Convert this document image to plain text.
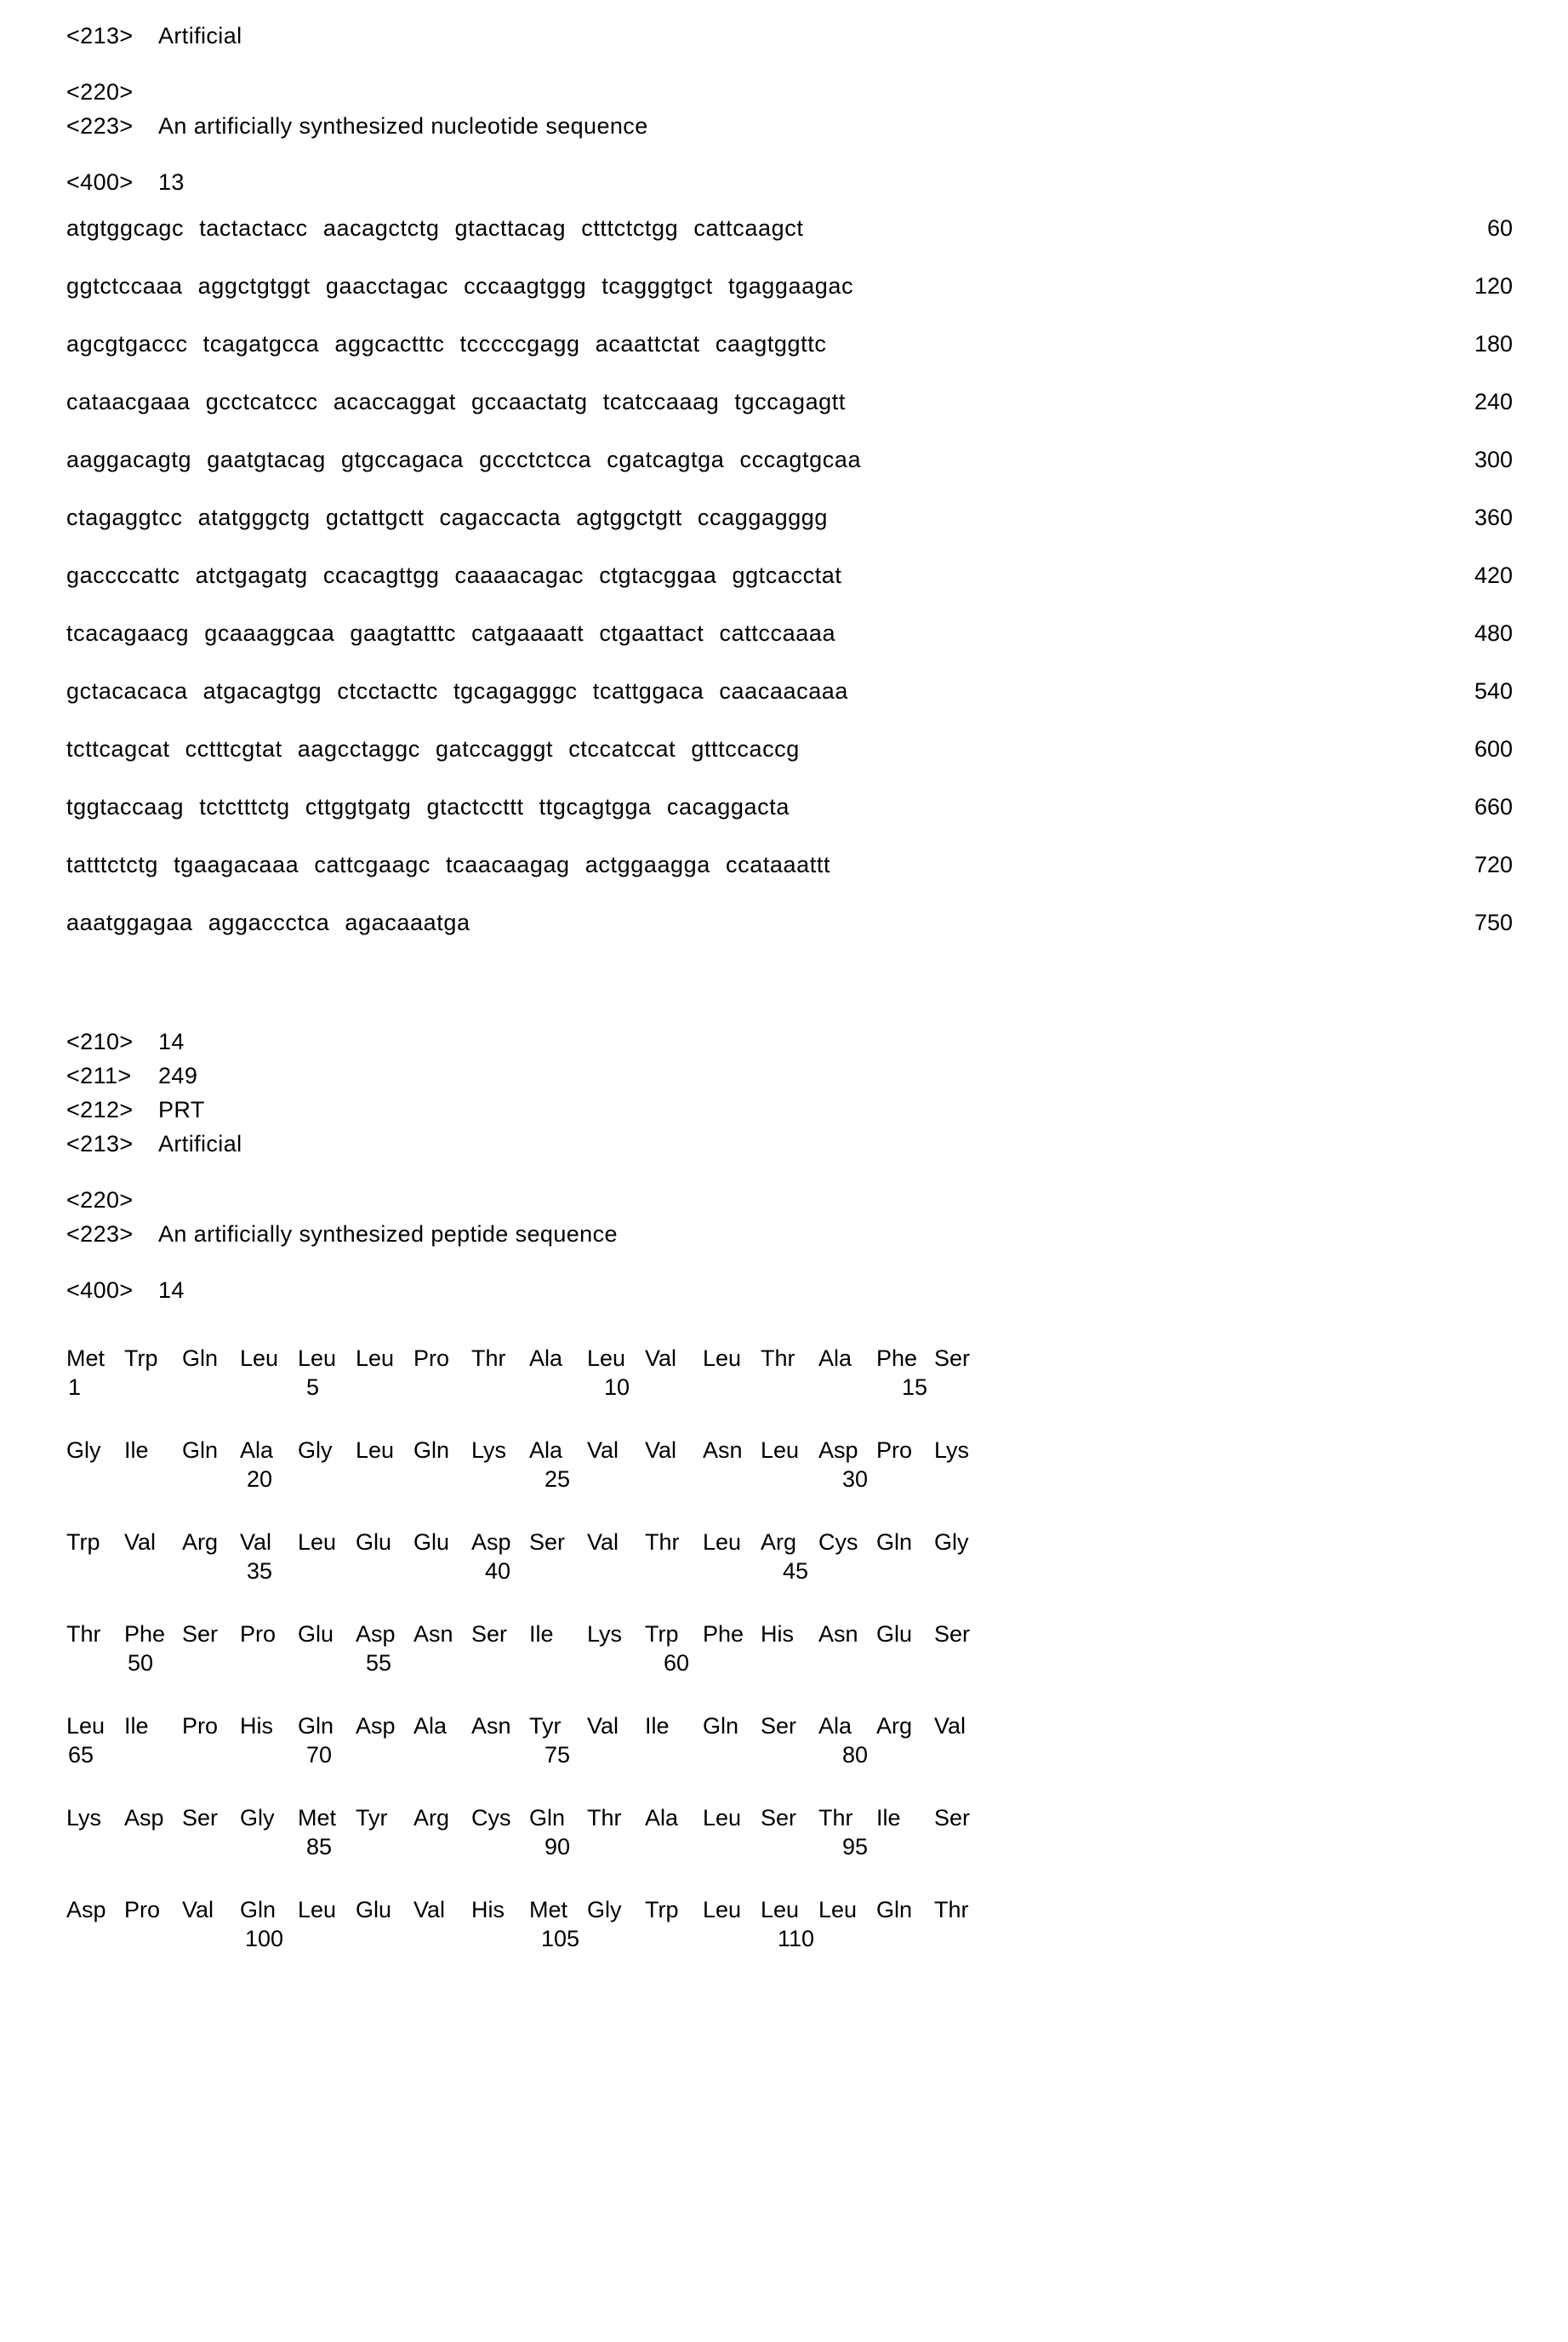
<213> Artificial
<220>
<223> An artificially synthesized nucleotide sequence
<400> 13
atgtggcagc tactactacc aacagctctg gtacttacag ctttctctgg cattcaagct	60
ggtctccaaa aggctgtggt gaacctagac cccaagtggg tcagggtgct tgaggaagac	120
agcgtgaccc tcagatgcca aggcactttc tcccccgagg acaattctat caagtggttc	180
cataacgaaa gcctcatccc acaccaggat gccaactatg tcatccaaag tgccagagtt	240
aaggacagtg gaatgtacag gtgccagaca gccctctcca cgatcagtga cccagtgcaa	300
ctagaggtcc atatgggctg gctattgctt cagaccacta agtggctgtt ccaggagggg	360
gaccccattc atctgagatg ccacagttgg caaaacagac ctgtacggaa ggtcacctat	420
tcacagaacg gcaaaggcaa gaagtatttc catgaaaatt ctgaattact cattccaaaa	480
gctacacaca atgacagtgg ctcctacttc tgcagagggc tcattggaca caacaacaaa	540
tcttcagcat cctttcgtat aagcctaggc gatccagggt ctccatccat gtttccaccg	600
tggtaccaag tctctttctg cttggtgatg gtactccttt ttgcagtgga cacaggacta	660
tatttctctg tgaagacaaa cattcgaagc tcaacaagag actggaagga ccataaattt	720
aaatggagaa aggaccctca agacaaatga	750
<210> 14
<211> 249
<212> PRT
<213> Artificial
<220>
<223> An artificially synthesized peptide sequence
<400> 14
Met Trp Gln Leu Leu Leu Pro Thr Ala Leu Val Leu Thr Ala Phe Ser
1	5	10	15
Gly Ile Gln Ala Gly Leu Gln Lys Ala Val Val Asn Leu Asp Pro Lys
20	25	30
Trp Val Arg Val Leu Glu Glu Asp Ser Val Thr Leu Arg Cys Gln Gly
35	40	45
Thr Phe Ser Pro Glu Asp Asn Ser Ile Lys Trp Phe His Asn Glu Ser
50	55	60
Leu Ile Pro His Gln Asp Ala Asn Tyr Val Ile Gln Ser Ala Arg Val
65	70	75	80
Lys Asp Ser Gly Met Tyr Arg Cys Gln Thr Ala Leu Ser Thr Ile Ser
85	90	95
Asp Pro Val Gln Leu Glu Val His Met Gly Trp Leu Leu Leu Gln Thr
100	105	110
